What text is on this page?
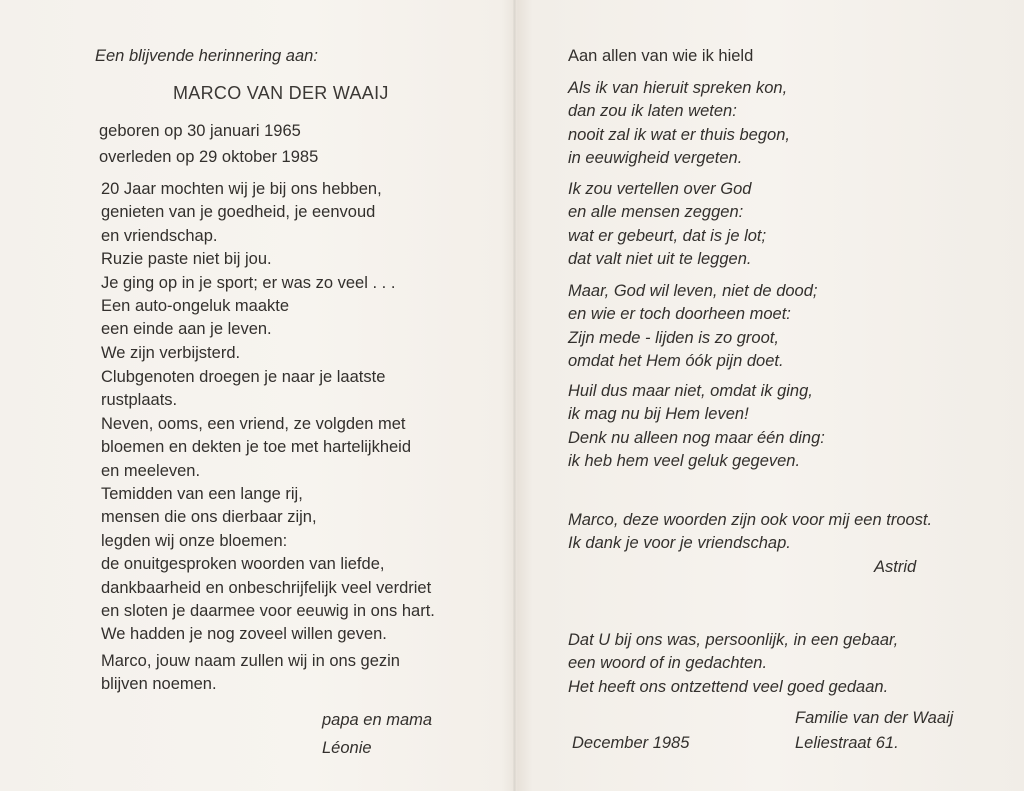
Een blijvende herinnering aan:

MARCO VAN DER WAAIJ

geboren op 30 januari 1965

overleden op 29 oktober 1985

20 Jaar mochten wij je bij ons hebben,
genieten van je goedheid, je eenvoud
en vriendschap.
Ruzie paste niet bij jou.
Je ging op in je sport; er was zo veel . . .
Een auto-ongeluk maakte
een einde aan je leven.
We zijn verbijsterd.
Clubgenoten droegen je naar je laatste
rustplaats.
Neven, ooms, een vriend, ze volgden met
bloemen en dekten je toe met hartelijkheid
en meeleven.
Temidden van een lange rij,
mensen die ons dierbaar zijn,
legden wij onze bloemen:
de onuitgesproken woorden van liefde,
dankbaarheid en onbeschrijfelijk veel verdriet
en sloten je daarmee voor eeuwig in ons hart.
We hadden je nog zoveel willen geven.
Marco, jouw naam zullen wij in ons gezin
blijven noemen.

papa en mama

Léonie

Aan allen van wie ik hield

Als ik van hieruit spreken kon,
dan zou ik laten weten:
nooit zal ik wat er thuis begon,
in eeuwigheid vergeten.
Ik zou vertellen over God
en alle mensen zeggen:
wat er gebeurt, dat is je lot;
dat valt niet uit te leggen.
Maar, God wil leven, niet de dood;
en wie er toch doorheen moet:
Zijn mede - lijden is zo groot,
omdat het Hem óók pijn doet.
Huil dus maar niet, omdat ik ging,
ik mag nu bij Hem leven!
Denk nu alleen nog maar één ding:
ik heb hem veel geluk gegeven.
Marco, deze woorden zijn ook voor mij een troost.
Ik dank je voor je vriendschap.

Astrid

Dat U bij ons was, persoonlijk, in een gebaar,
een woord of in gedachten.
Het heeft ons ontzettend veel goed gedaan.

Familie van der Waaij

December 1985	Leliestraat 61.
